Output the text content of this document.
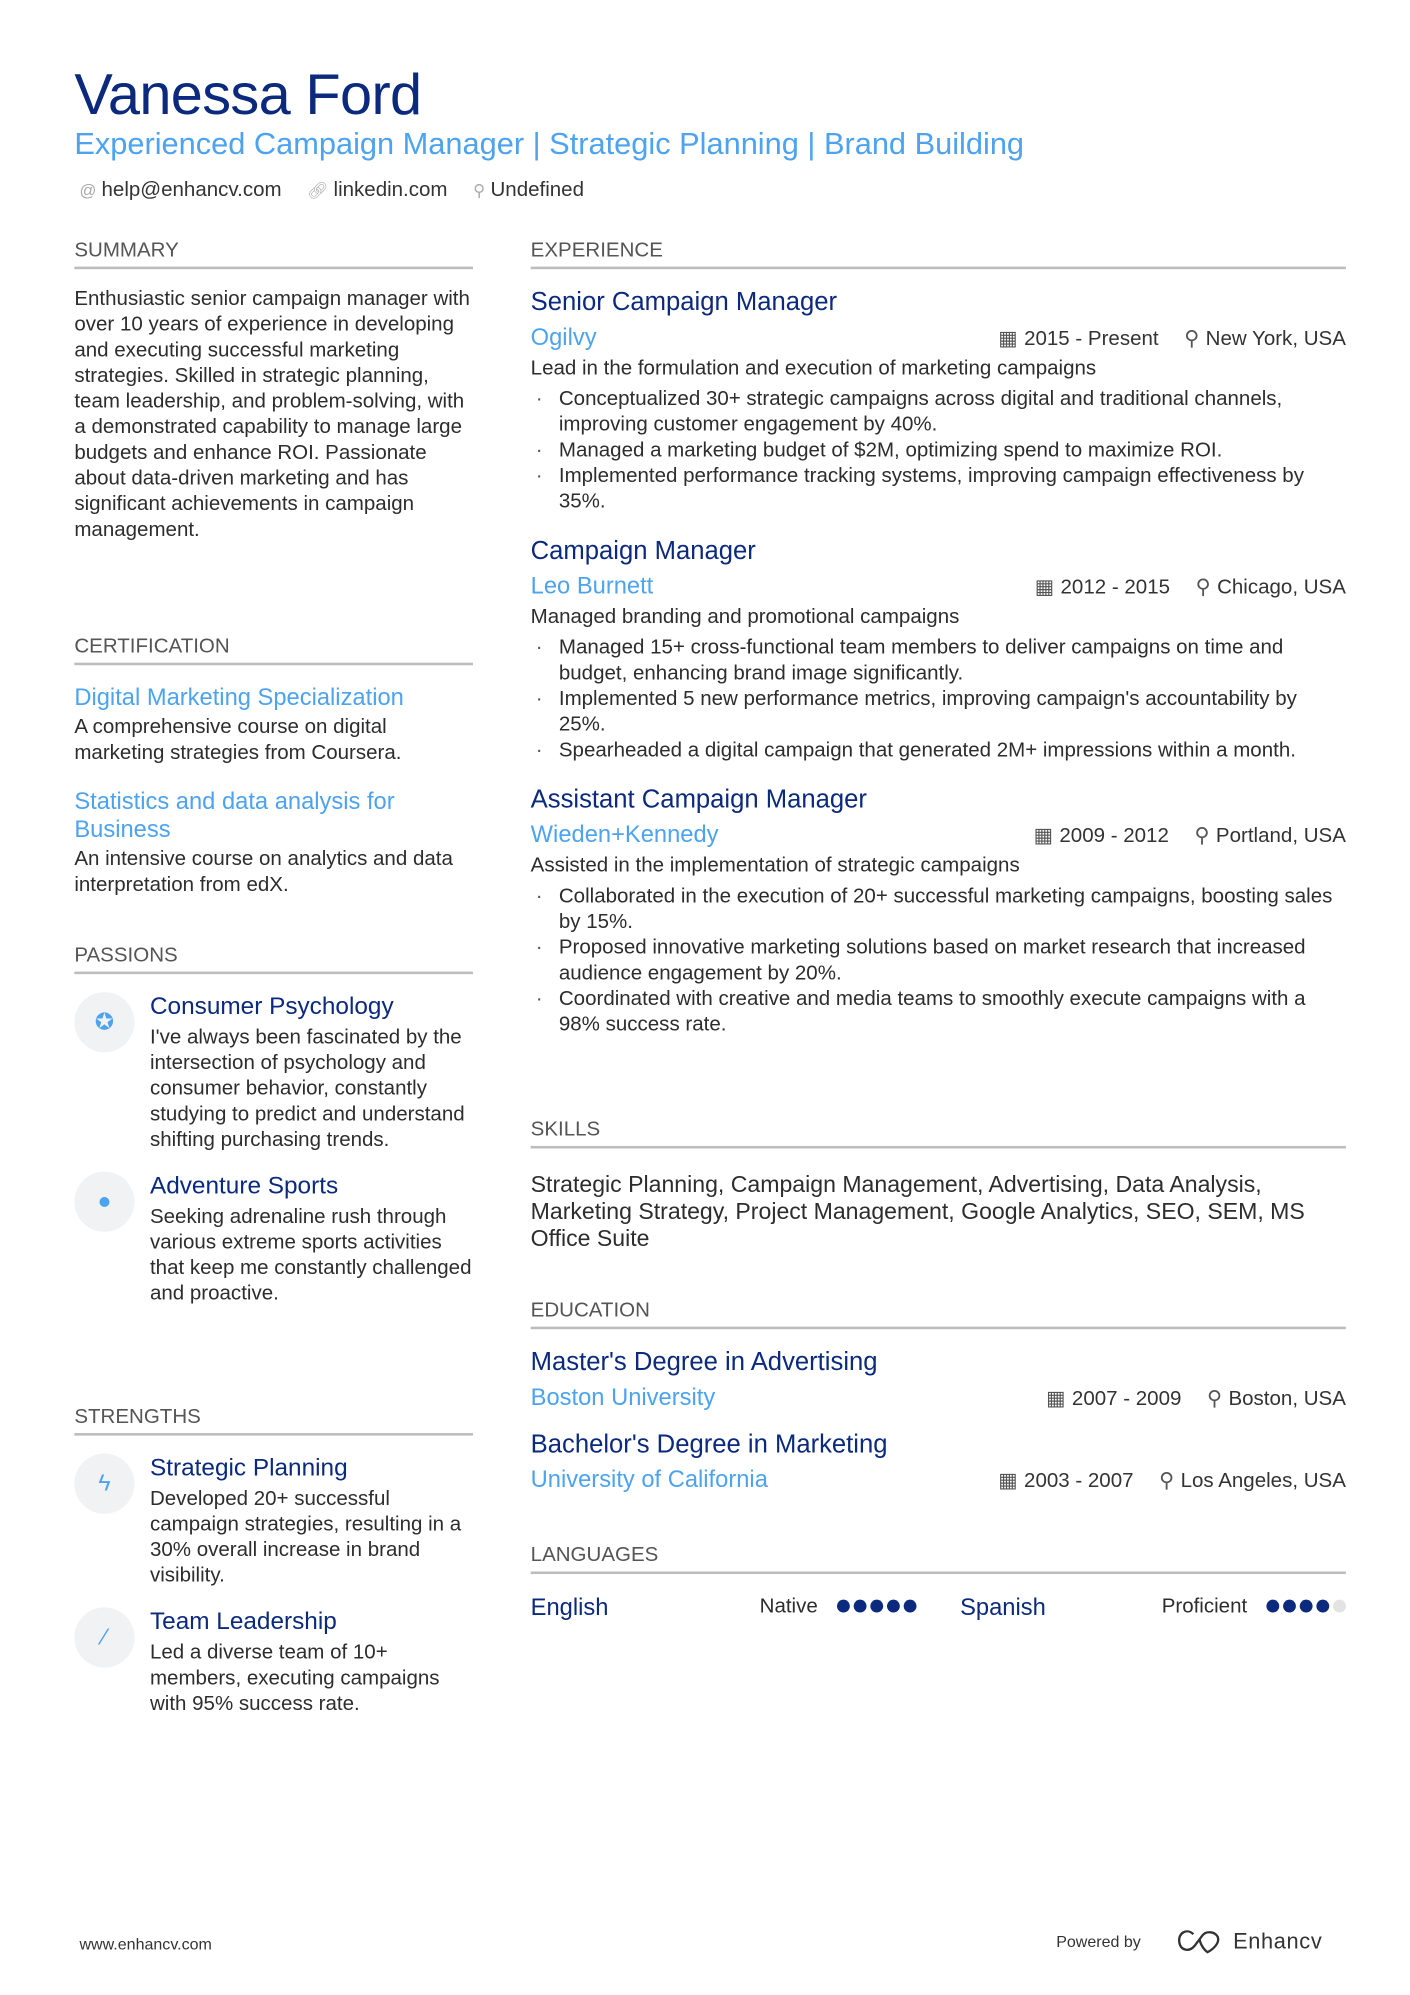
Vanessa Ford
Experienced Campaign Manager | Strategic Planning | Brand Building
@ help@enhancv.com 🔗︎ linkedin.com ⚲ Undefined
SUMMARY
Enthusiastic senior campaign manager with over 10 years of experience in developing and executing successful marketing strategies. Skilled in strategic planning, team leadership, and problem-solving, with a demonstrated capability to manage large budgets and enhance ROI. Passionate about data-driven marketing and has significant achievements in campaign management.
CERTIFICATION
Digital Marketing Specialization
A comprehensive course on digital marketing strategies from Coursera.
Statistics and data analysis for Business
An intensive course on analytics and data interpretation from edX.
PASSIONS
✪
Consumer Psychology
I've always been fascinated by the intersection of psychology and consumer behavior, constantly studying to predict and understand shifting purchasing trends.
●
Adventure Sports
Seeking adrenaline rush through various extreme sports activities that keep me constantly challenged and proactive.
STRENGTHS
ϟ
Strategic Planning
Developed 20+ successful campaign strategies, resulting in a 30% overall increase in brand visibility.
⁄
Team Leadership
Led a diverse team of 10+ members, executing campaigns with 95% success rate.
EXPERIENCE
Senior Campaign Manager
Ogilvy	▦ 2015 - Present ⚲ New York, USA
Lead in the formulation and execution of marketing campaigns
· Conceptualized 30+ strategic campaigns across digital and traditional channels, improving customer engagement by 40%.
· Managed a marketing budget of $2M, optimizing spend to maximize ROI.
· Implemented performance tracking systems, improving campaign effectiveness by 35%.
Campaign Manager
Leo Burnett	▦ 2012 - 2015 ⚲ Chicago, USA
Managed branding and promotional campaigns
· Managed 15+ cross-functional team members to deliver campaigns on time and budget, enhancing brand image significantly.
· Implemented 5 new performance metrics, improving campaign's accountability by 25%.
· Spearheaded a digital campaign that generated 2M+ impressions within a month.
Assistant Campaign Manager
Wieden+Kennedy	▦ 2009 - 2012 ⚲ Portland, USA
Assisted in the implementation of strategic campaigns
· Collaborated in the execution of 20+ successful marketing campaigns, boosting sales by 15%.
· Proposed innovative marketing solutions based on market research that increased audience engagement by 20%.
· Coordinated with creative and media teams to smoothly execute campaigns with a 98% success rate.
SKILLS
Strategic Planning, Campaign Management, Advertising, Data Analysis, Marketing Strategy, Project Management, Google Analytics, SEO, SEM, MS Office Suite
EDUCATION
Master's Degree in Advertising
Boston University	▦ 2007 - 2009 ⚲ Boston, USA
Bachelor's Degree in Marketing
University of California	▦ 2003 - 2007 ⚲ Los Angeles, USA
LANGUAGES
English	Native	Spanish	Proficient
www.enhancv.com	Powered by	Enhancv
